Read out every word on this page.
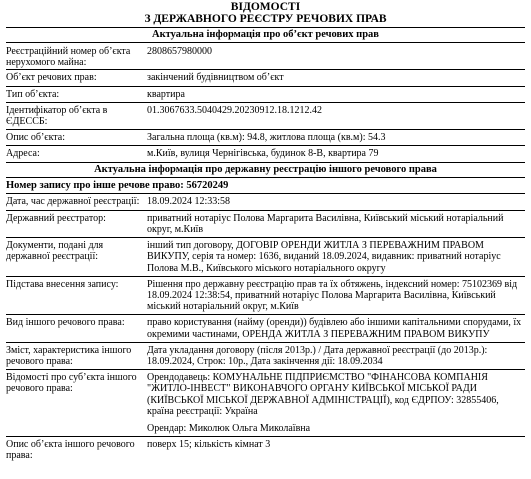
ВІДОМОСТІ
З ДЕРЖАВНОГО РЕЄСТРУ РЕЧОВИХ ПРАВ
Актуальна інформація про об’єкт речових прав
Реєстраційний номер об’єкта нерухомого майна:
2808657980000
Об’єкт речових прав:	закінчений будівництвом об’єкт
Тип об’єкта:	квартира
Ідентифікатор об’єкта в ЄДЕССБ:
01.3067633.5040429.20230912.18.1212.42
Опис об’єкта:	Загальна площа (кв.м): 94.8, житлова площа (кв.м): 54.3
Адреса:	м.Київ, вулиця Чернігівська, будинок 8-В, квартира 79
Актуальна інформація про державну реєстрацію іншого речового права
Номер запису про інше речове право: 56720249
Дата, час державної реєстрації: 18.09.2024 12:33:58
Державний реєстратор:	приватний нотаріус Полова Маргарита Василівна, Київський міський нотаріальний округ, м.Київ
Документи, подані для державної реєстрації:
інший тип договору, ДОГОВІР ОРЕНДИ ЖИТЛА З ПЕРЕВАЖНИМ ПРАВОМ ВИКУПУ, серія та номер: 1636, виданий 18.09.2024, видавник: приватний нотаріус Полова М.В., Київського міського нотаріального округу
Підстава внесення запису:	Рішення про державну реєстрацію прав та їх обтяжень, індексний номер: 75102369 від 18.09.2024 12:38:54, приватний нотаріус Полова Маргарита Василівна, Київський міський нотаріальний округ, м.Київ
Вид іншого речового права:	право користування (найму (оренди)) будівлею або іншими капітальними спорудами, їх окремими частинами, ОРЕНДА ЖИТЛА З ПЕРЕВАЖНИМ ПРАВОМ ВИКУПУ
Зміст, характеристика іншого речового права:
Дата укладання договору (після 2013р.) / Дата державної реєстрації (до 2013р.): 18.09.2024, Строк: 10р., Дата закінчення дії: 18.09.2034
Відомості про суб’єкта іншого речового права:
Орендодавець: КОМУНАЛЬНЕ ПІДПРИЄМСТВО "ФІНАНСОВА КОМПАНІЯ "ЖИТЛО-ІНВЕСТ" ВИКОНАВЧОГО ОРГАНУ КИЇВСЬКОЇ МІСЬКОЇ РАДИ (КИЇВСЬКОЇ МІСЬКОЇ ДЕРЖАВНОЇ АДМІНІСТРАЦІЇ), код ЄДРПОУ: 32855406, країна реєстрації: Україна
Орендар: Миколюк Ольга Миколаївна
Опис об’єкта іншого речового права:
поверх 15; кількість кімнат 3
